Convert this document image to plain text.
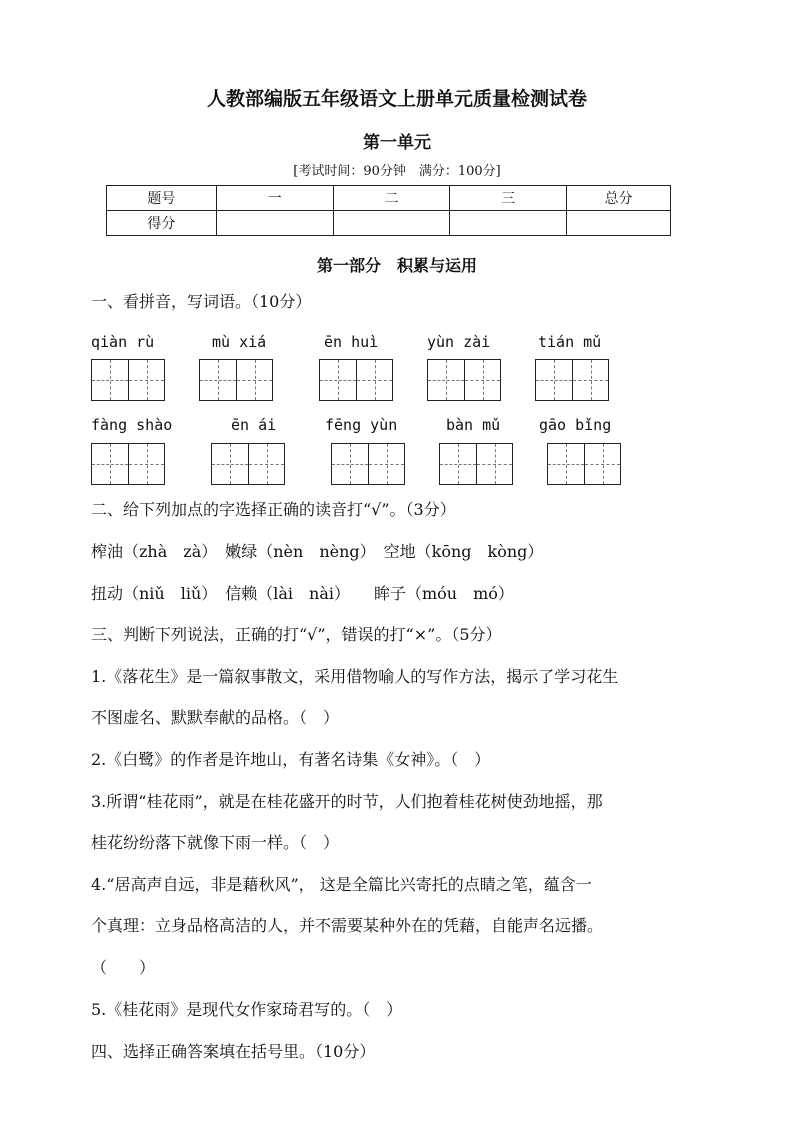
人教部编版五年级语文上册单元质量检测试卷
第一单元
[考试时间：90分钟　满分：100分]
题号	一	二	三	总分
得分				
第一部分　积累与运用
一、看拼音，写词语。（10分）
qiàn rù	mù xiá	ēn huì	yùn zài	tián mǔ
fàng shào	ēn ái	fēng yùn	bàn mǔ	gāo bǐng
二、给下列加点的字选择正确的读音打“√”。（3分）
榨油（zhà　zà）　嫩绿（nèn　nèng）　空地（kōng　kòng）
扭动（niǔ　liǔ）　信赖（lài　nài）　　眸子（móu　mó）
三、判断下列说法，正确的打“√”，错误的打“×”。（5分）
1.《落花生》是一篇叙事散文，采用借物喻人的写作方法，揭示了学习花生
不图虚名、默默奉献的品格。（　）
2.《白鹭》的作者是许地山，有著名诗集《女神》。（　）
3.所谓“桂花雨”，就是在桂花盛开的时节，人们抱着桂花树使劲地摇，那
桂花纷纷落下就像下雨一样。（　）
4.“居高声自远，非是藉秋风”， 这是全篇比兴寄托的点睛之笔，蕴含一
个真理：立身品格高洁的人，并不需要某种外在的凭藉，自能声名远播。
（　　）
5.《桂花雨》是现代女作家琦君写的。（　）
四、选择正确答案填在括号里。（10分）
